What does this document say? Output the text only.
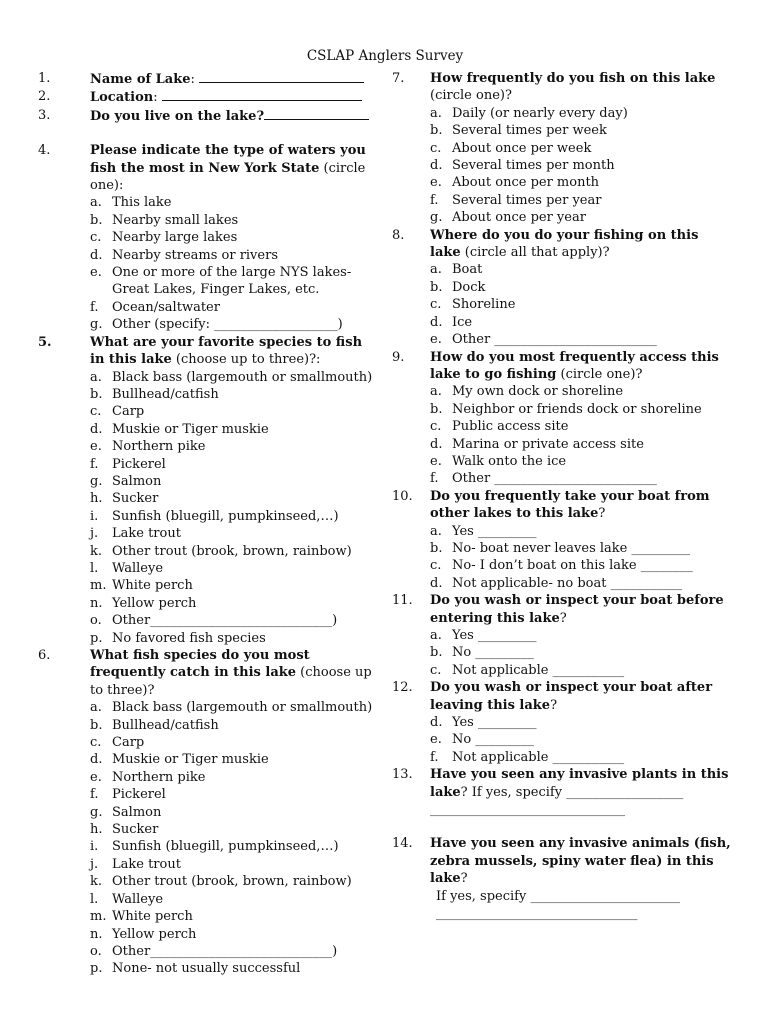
CSLAP Anglers Survey
1.	Name of Lake:
2.	Location:
3.	Do you live on the lake?
4.	Please indicate the type of waters you fish the most in New York State (circle one):
a. This lake
b. Nearby small lakes
c. Nearby large lakes
d. Nearby streams or rivers
e. One or more of the large NYS lakes-
Great Lakes, Finger Lakes, etc.
f.	Ocean/saltwater
g. Other (specify: ___________________)
5.	What are your favorite species to fish in this lake (choose up to three)?:
a. Black bass (largemouth or smallmouth)
b. Bullhead/catfish
c. Carp
d. Muskie or Tiger muskie
e. Northern pike
f.	Pickerel
g. Salmon
h. Sucker
i.	Sunfish (bluegill, pumpkinseed,…)
j.	Lake trout
k. Other trout (brook, brown, rainbow)
l.	Walleye
m. White perch
n. Yellow perch
o. Other____________________________)
p. No favored fish species
6.	What fish species do you most frequently catch in this lake (choose up to three)?
a. Black bass (largemouth or smallmouth)
b. Bullhead/catfish
c. Carp
d. Muskie or Tiger muskie
e. Northern pike
f.	Pickerel
g. Salmon
h. Sucker
i.	Sunfish (bluegill, pumpkinseed,…)
j.	Lake trout
k. Other trout (brook, brown, rainbow)
l.	Walleye
m. White perch
n. Yellow perch
o. Other____________________________)
p. None- not usually successful
7.	How frequently do you fish on this lake (circle one)?
a. Daily (or nearly every day)
b. Several times per week
c. About once per week
d. Several times per month
e. About once per month
f.	Several times per year
g. About once per year
8.	Where do you do your fishing on this lake (circle all that apply)?
a. Boat
b. Dock
c. Shoreline
d. Ice
e. Other _________________________
9.	How do you most frequently access this lake to go fishing (circle one)?
a. My own dock or shoreline
b. Neighbor or friends dock or shoreline
c. Public access site
d. Marina or private access site
e. Walk onto the ice
f.	Other _________________________
10.	Do you frequently take your boat from other lakes to this lake?
a. Yes _________
b. No- boat never leaves lake _________
c. No- I don’t boat on this lake ________
d. Not applicable- no boat ___________
11.	Do you wash or inspect your boat before entering this lake?
a. Yes _________
b. No _________
c. Not applicable ___________
12.	Do you wash or inspect your boat after leaving this lake?
d. Yes _________
e. No _________
f.	Not applicable ___________
13.	Have you seen any invasive plants in this lake? If yes, specify __________________
______________________________
14.	Have you seen any invasive animals (fish, zebra mussels, spiny water flea) in this lake?
If yes, specify _______________________
_______________________________
